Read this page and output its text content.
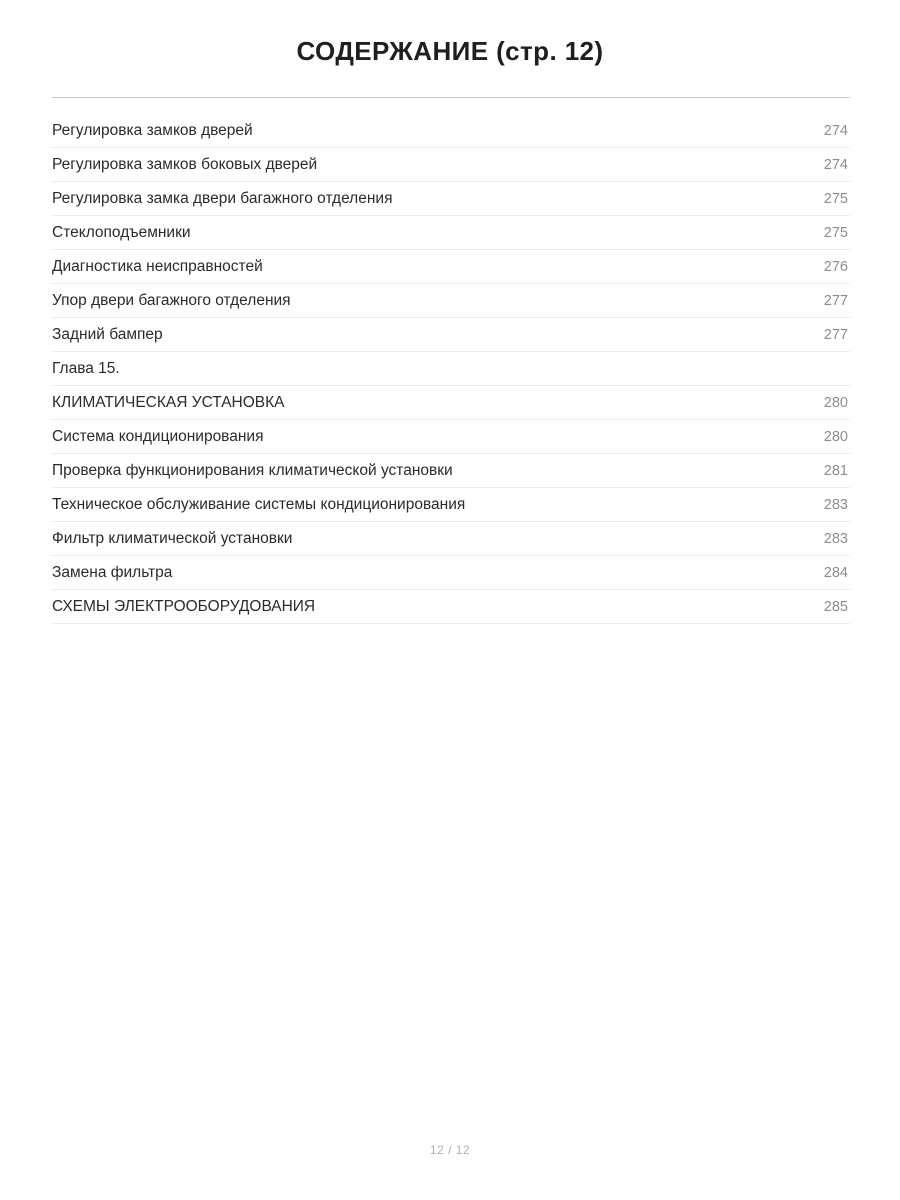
СОДЕРЖАНИЕ (стр. 12)
Регулировка замков дверей	274
Регулировка замков боковых дверей	274
Регулировка замка двери багажного отделения	275
Стеклоподъемники	275
Диагностика неисправностей	276
Упор двери багажного отделения	277
Задний бампер	277
Глава 15.
КЛИМАТИЧЕСКАЯ УСТАНОВКА	280
Система кондиционирования	280
Проверка функционирования климатической установки	281
Техническое обслуживание системы кондиционирования	283
Фильтр климатической установки	283
Замена фильтра	284
СХЕМЫ ЭЛЕКТРООБОРУДОВАНИЯ	285
12 / 12
